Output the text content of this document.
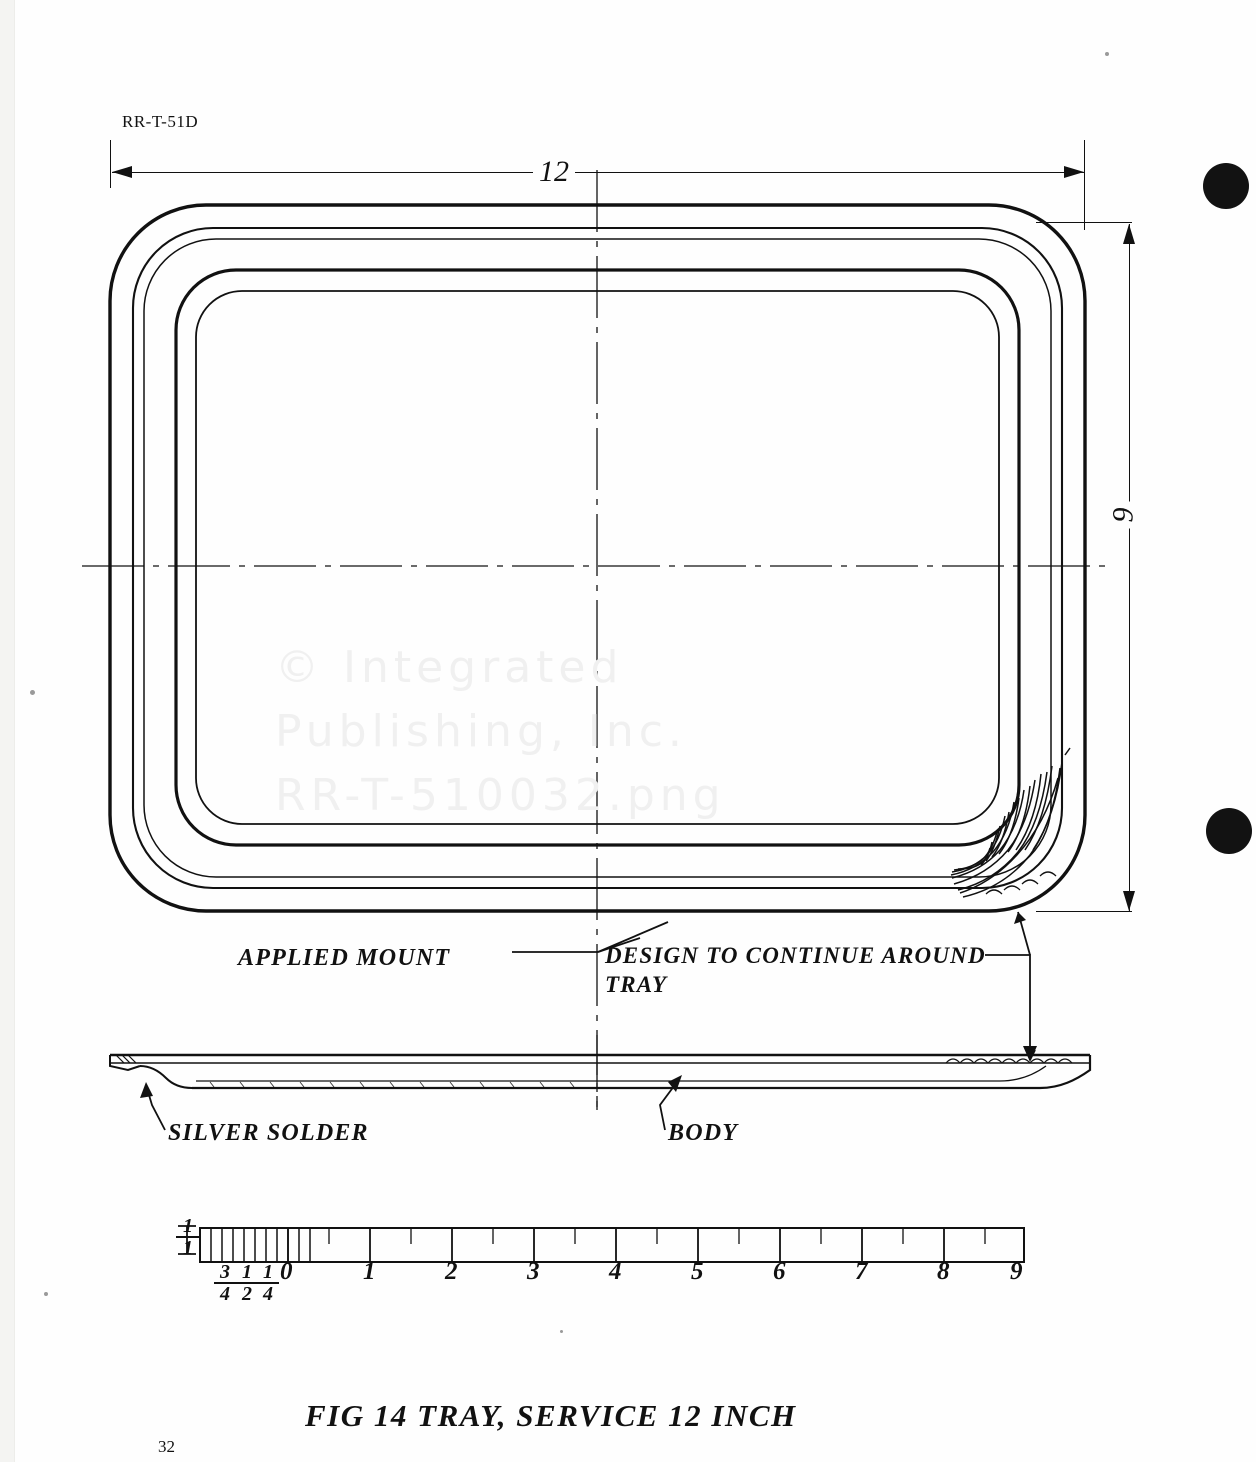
RR-T-51D
12
9
APPLIED MOUNT	DESIGN TO CONTINUE AROUND
TRAY
SILVER SOLDER	BODY
1
1
3
4
1
2
1
4
0	1	2	3	4	5	6	7	8 9
FIG 14 TRAY, SERVICE 12 INCH
32
© Integrated
Publishing, Inc.
RR-T-510032.png
